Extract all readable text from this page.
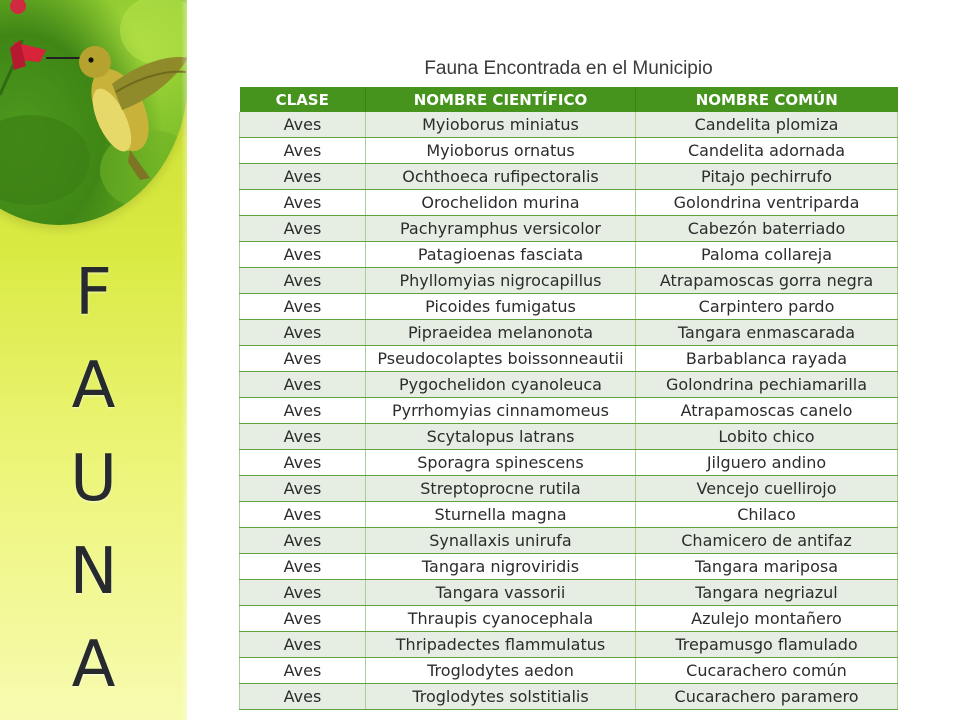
F
A
U
N
A
Fauna Encontrada en el Municipio
CLASE	NOMBRE CIENTÍFICO	NOMBRE COMÚN
Aves	Myioborus miniatus	Candelita plomiza
Aves	Myioborus ornatus	Candelita adornada
Aves	Ochthoeca rufipectoralis	Pitajo pechirrufo
Aves	Orochelidon murina	Golondrina ventriparda
Aves	Pachyramphus versicolor	Cabezón baterriado
Aves	Patagioenas fasciata	Paloma collareja
Aves	Phyllomyias nigrocapillus	Atrapamoscas gorra negra
Aves	Picoides fumigatus	Carpintero pardo
Aves	Pipraeidea melanonota	Tangara enmascarada
Aves	Pseudocolaptes boissonneautii	Barbablanca rayada
Aves	Pygochelidon cyanoleuca	Golondrina pechiamarilla
Aves	Pyrrhomyias cinnamomeus	Atrapamoscas canelo
Aves	Scytalopus latrans	Lobito chico
Aves	Sporagra spinescens	Jilguero andino
Aves	Streptoprocne rutila	Vencejo cuellirojo
Aves	Sturnella magna	Chilaco
Aves	Synallaxis unirufa	Chamicero de antifaz
Aves	Tangara nigroviridis	Tangara mariposa
Aves	Tangara vassorii	Tangara negriazul
Aves	Thraupis cyanocephala	Azulejo montañero
Aves	Thripadectes flammulatus	Trepamusgo flamulado
Aves	Troglodytes aedon	Cucarachero común
Aves	Troglodytes solstitialis	Cucarachero paramero
